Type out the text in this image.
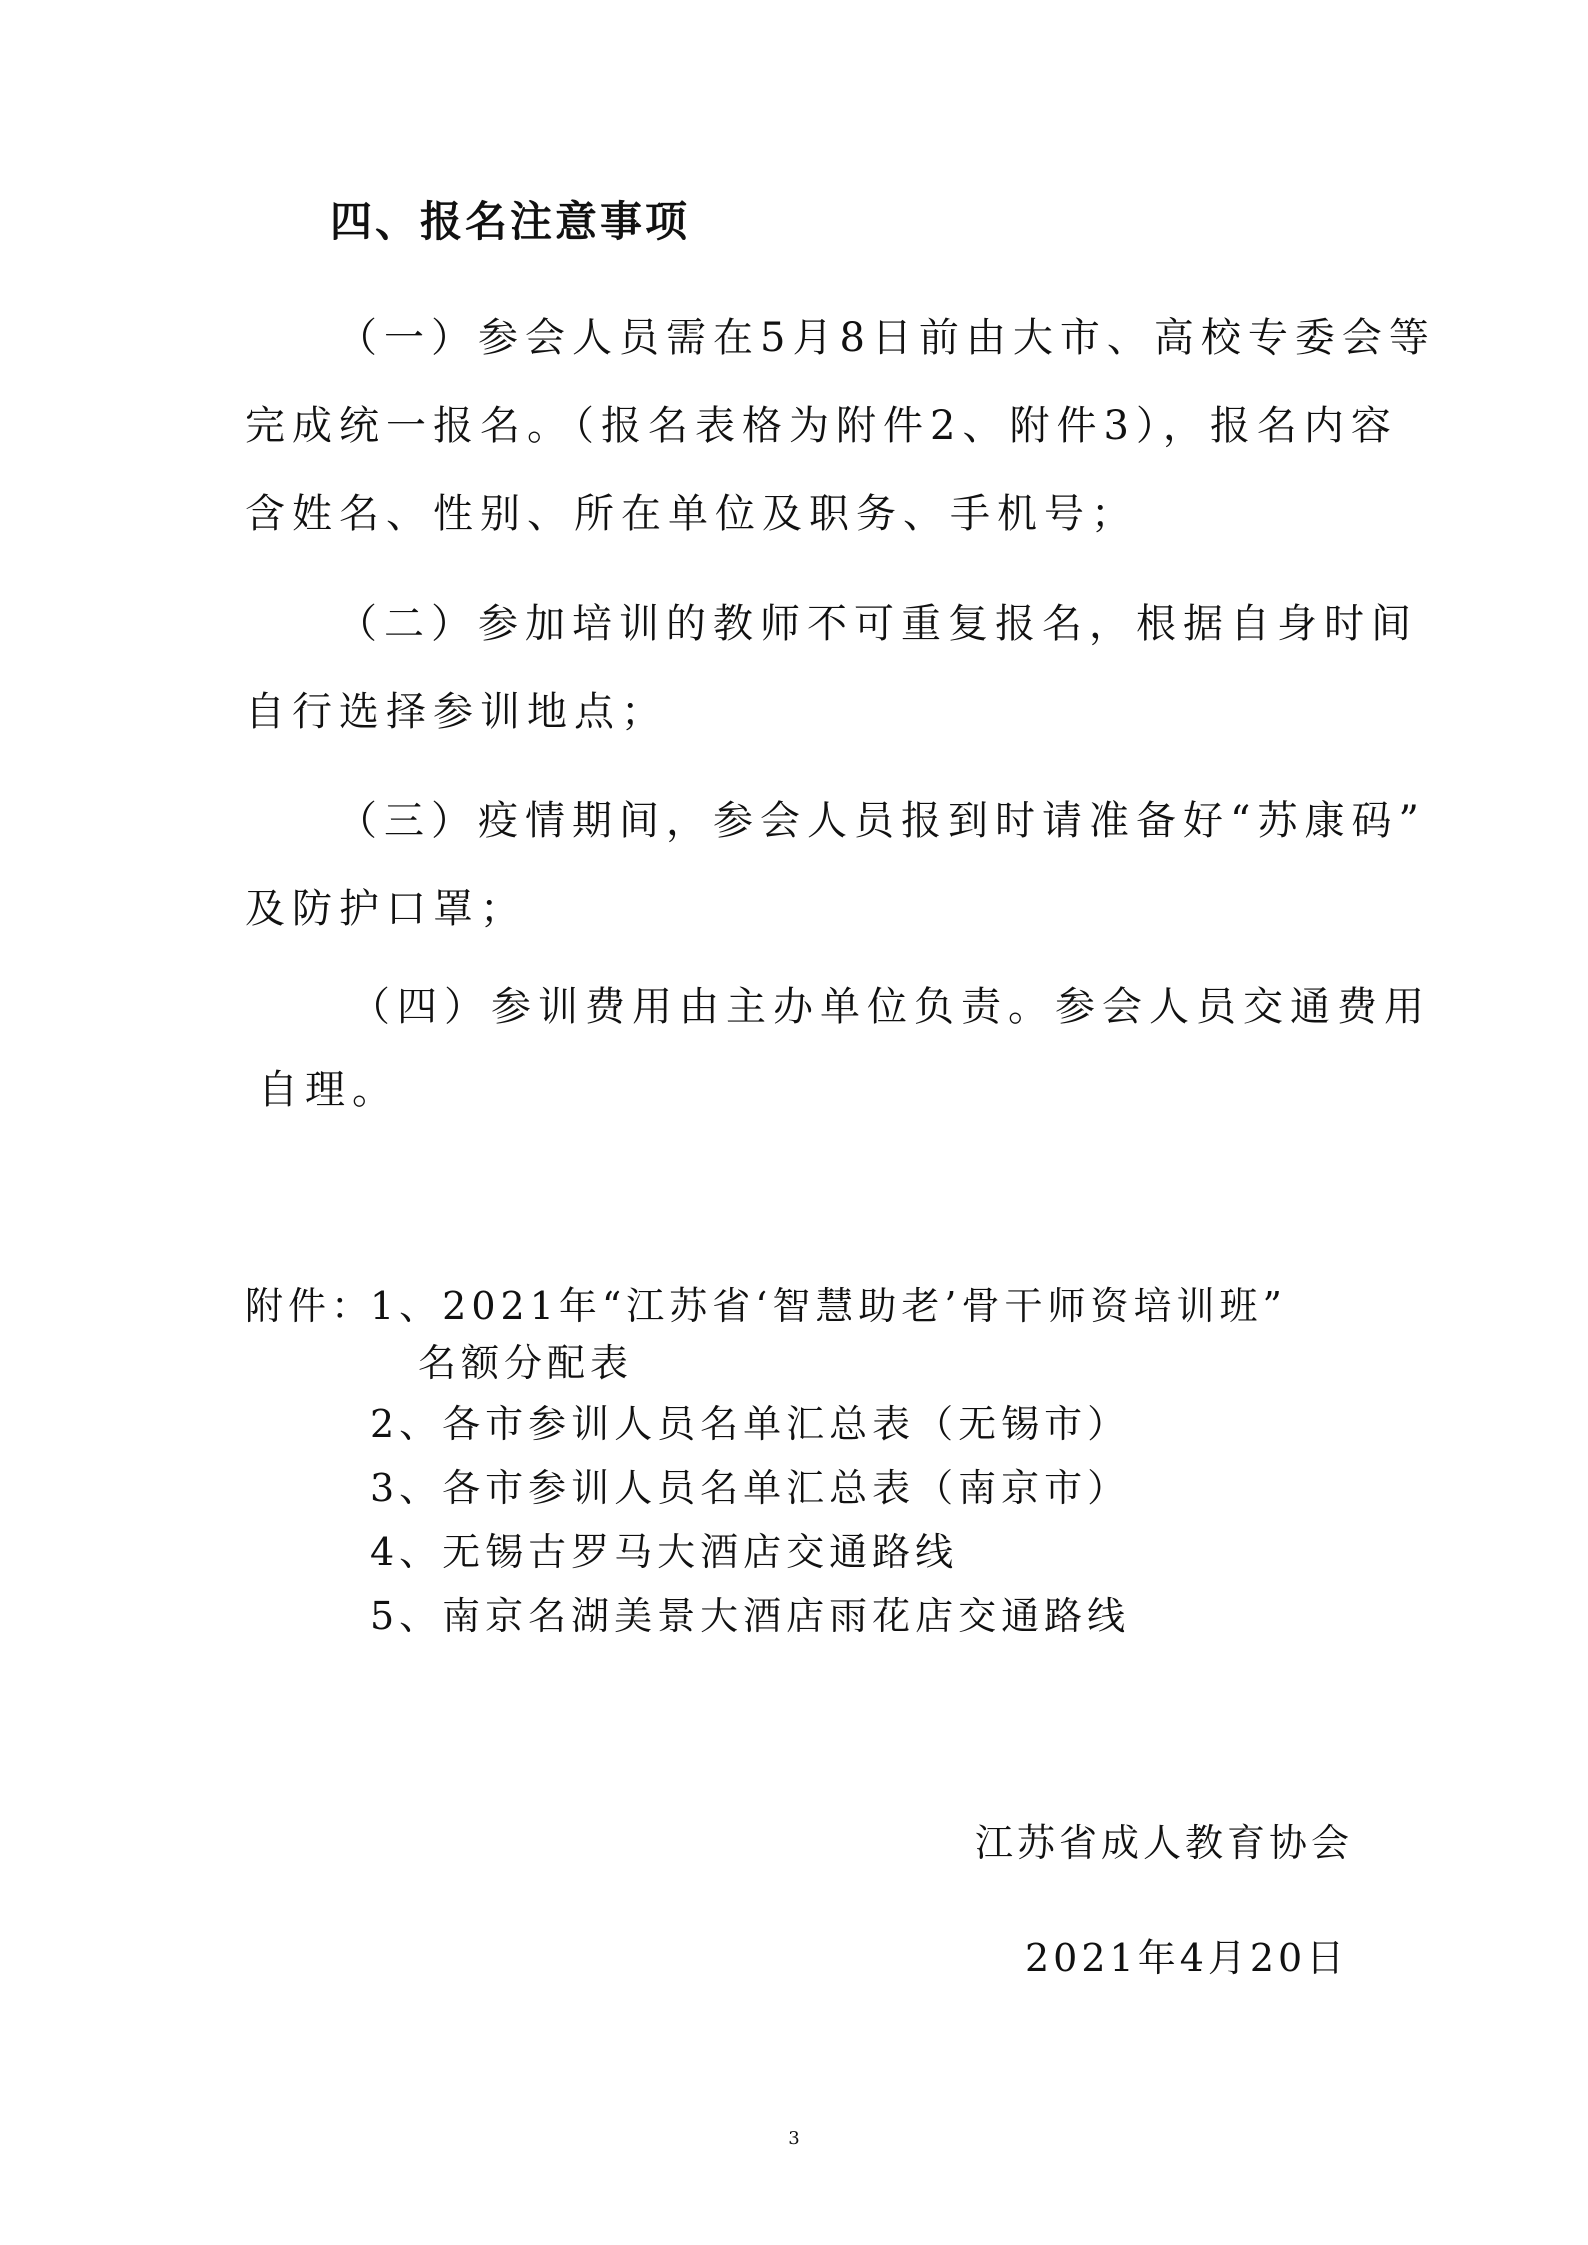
四、报名注意事项
（一）参会人员需在5月8日前由大市、高校专委会等
完成统一报名。（报名表格为附件2、附件3），报名内容
含姓名、性别、所在单位及职务、手机号；
（二）参加培训的教师不可重复报名，根据自身时间
自行选择参训地点；
（三）疫情期间，参会人员报到时请准备好“苏康码”
及防护口罩；
（四）参训费用由主办单位负责。参会人员交通费用
自理。
附件：
1、2021年“江苏省‘智慧助老’骨干师资培训班”
名额分配表
2、各市参训人员名单汇总表（无锡市）
3、各市参训人员名单汇总表（南京市）
4、无锡古罗马大酒店交通路线
5、南京名湖美景大酒店雨花店交通路线
江苏省成人教育协会
2021年4月20日
3
